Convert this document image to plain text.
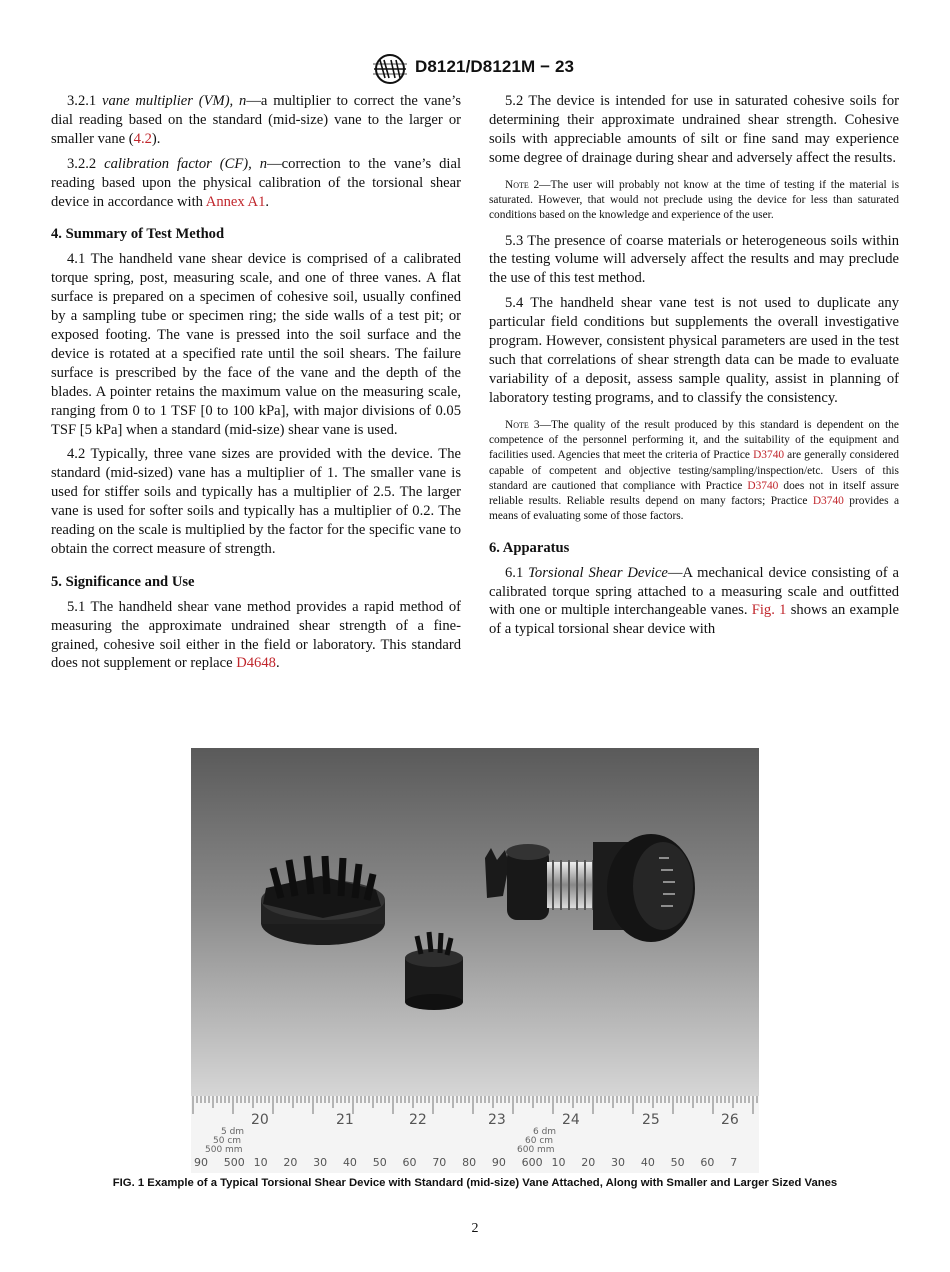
D8121/D8121M − 23

3.2.1 vane multiplier (VM), n—a multiplier to correct the vane’s dial reading based on the standard (mid-size) vane to the larger or smaller vane (4.2).

3.2.2 calibration factor (CF), n—correction to the vane’s dial reading based upon the physical calibration of the torsional shear device in accordance with Annex A1.

4. Summary of Test Method

4.1 The handheld vane shear device is comprised of a calibrated torque spring, post, measuring scale, and one of three vanes. A flat surface is prepared on a specimen of cohesive soil, usually confined by a sampling tube or specimen ring; the side walls of a test pit; or exposed footing. The vane is pressed into the soil surface and the device is rotated at a specified rate until the soil shears. The failure surface is prescribed by the face of the vane and the depth of the blades. A pointer retains the maximum value on the measuring scale, ranging from 0 to 1 TSF [0 to 100 kPa], with major divisions of 0.05 TSF [5 kPa] when a standard (mid-size) shear vane is used.

4.2 Typically, three vane sizes are provided with the device. The standard (mid-sized) vane has a multiplier of 1. The smaller vane is used for stiffer soils and typically has a multiplier of 2.5. The larger vane is used for softer soils and typically has a multiplier of 0.2. The reading on the scale is multiplied by the factor for the specific vane to obtain the correct measure of strength.

5. Significance and Use

5.1 The handheld shear vane method provides a rapid method of measuring the approximate undrained shear strength of a fine-grained, cohesive soil either in the field or laboratory. This standard does not supplement or replace D4648.

5.2 The device is intended for use in saturated cohesive soils for determining their approximate undrained shear strength. Cohesive soils with appreciable amounts of silt or fine sand may experience some degree of drainage during shear and adversely affect the results.

Note 2—The user will probably not know at the time of testing if the material is saturated. However, that would not preclude using the device for less than saturated conditions based on the knowledge and experience of the user.

5.3 The presence of coarse materials or heterogeneous soils within the testing volume will adversely affect the results and may preclude the use of this test method.

5.4 The handheld shear vane test is not used to duplicate any particular field conditions but supplements the overall investigative program. However, consistent physical parameters are used in the test such that correlations of shear strength data can be made to evaluate variability of a deposit, assess sample quality, assist in planning of laboratory testing programs, and to classify the consistency.

Note 3—The quality of the result produced by this standard is dependent on the competence of the personnel performing it, and the suitability of the equipment and facilities used. Agencies that meet the criteria of Practice D3740 are generally considered capable of competent and objective testing/sampling/inspection/etc. Users of this standard are cautioned that compliance with Practice D3740 does not in itself assure reliable results. Reliable results depend on many factors; Practice D3740 provides a means of evaluating some of those factors.
6. Apparatus

6.1 Torsional Shear Device—A mechanical device consisting of a calibrated torque spring attached to a measuring scale and outfitted with one or multiple interchangeable vanes. Fig. 1 shows an example of a typical torsional shear device with

20	21	22	23	24	25	26
5 dm
50 cm
500 mm
6 dm
60 cm
600 mm
90 500 10 20 30 40 50 60 70 80 90 600 10 20 30 40 50 60 7
FIG. 1 Example of a Typical Torsional Shear Device with Standard (mid-size) Vane Attached, Along with Smaller and Larger Sized Vanes
2
